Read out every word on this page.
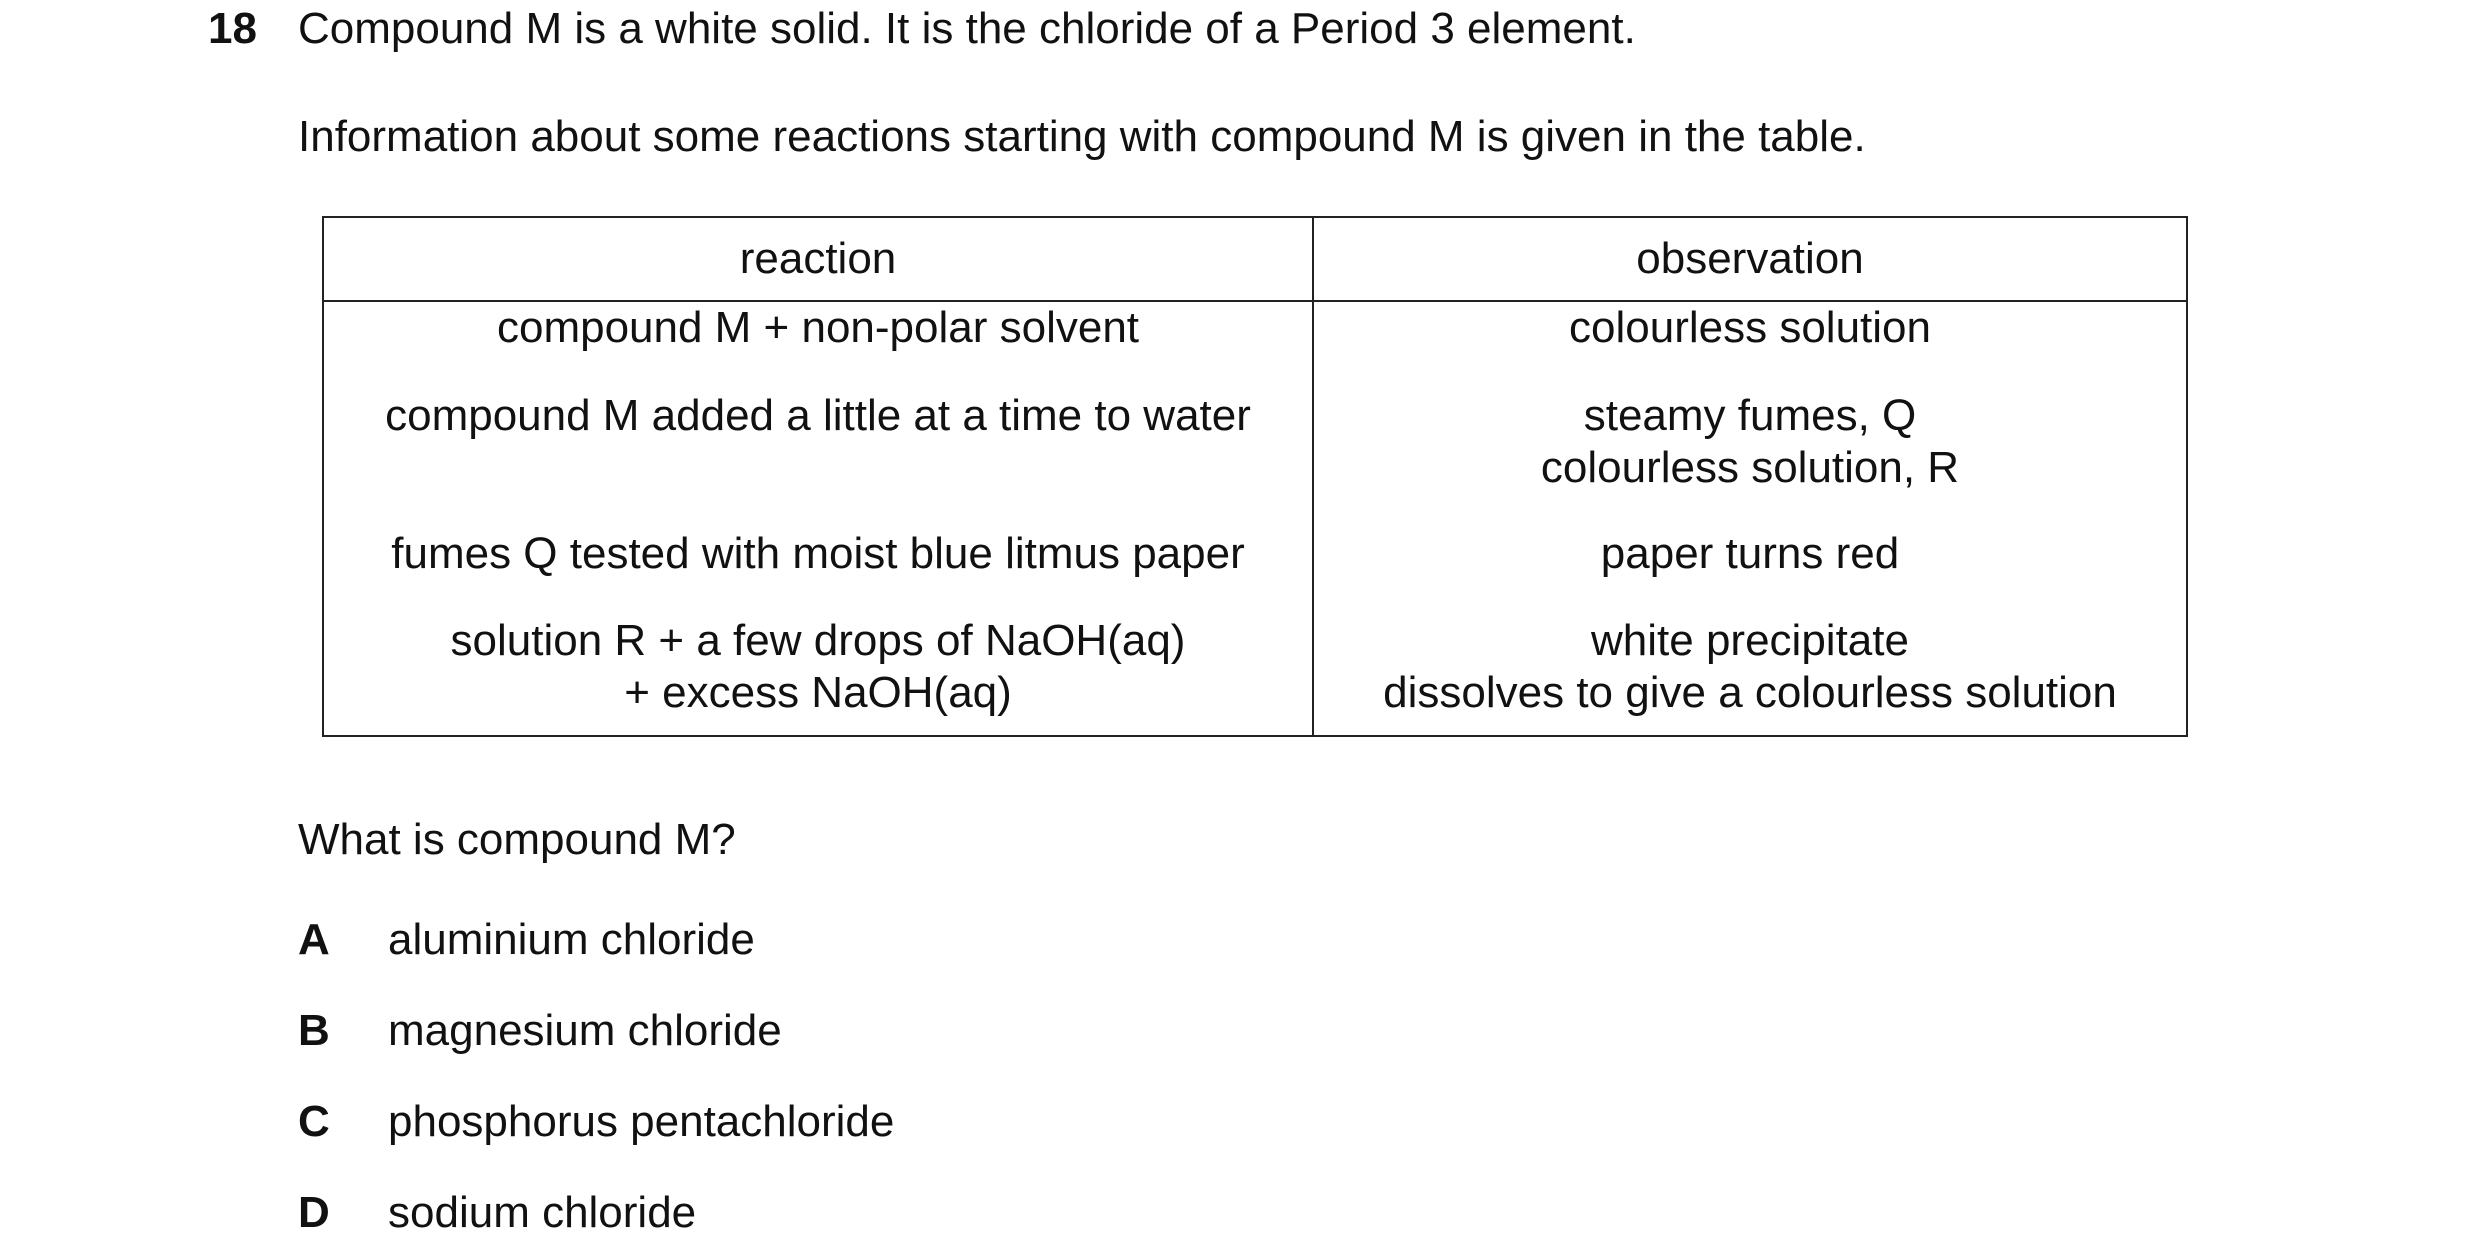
18 Compound M is a white solid. It is the chloride of a Period 3 element.
Information about some reactions starting with compound M is given in the table.
reaction	observation

compound M + non-polar solvent	colourless solution

compound M added a little at a time to water	steamy fumes, Q
colourless solution, R

fumes Q tested with moist blue litmus paper	paper turns red

solution R + a few drops of NaOH(aq)
+ excess NaOH(aq)	white precipitate
dissolves to give a colourless solution
What is compound M?
A aluminium chloride
B magnesium chloride
C phosphorus pentachloride
D sodium chloride
